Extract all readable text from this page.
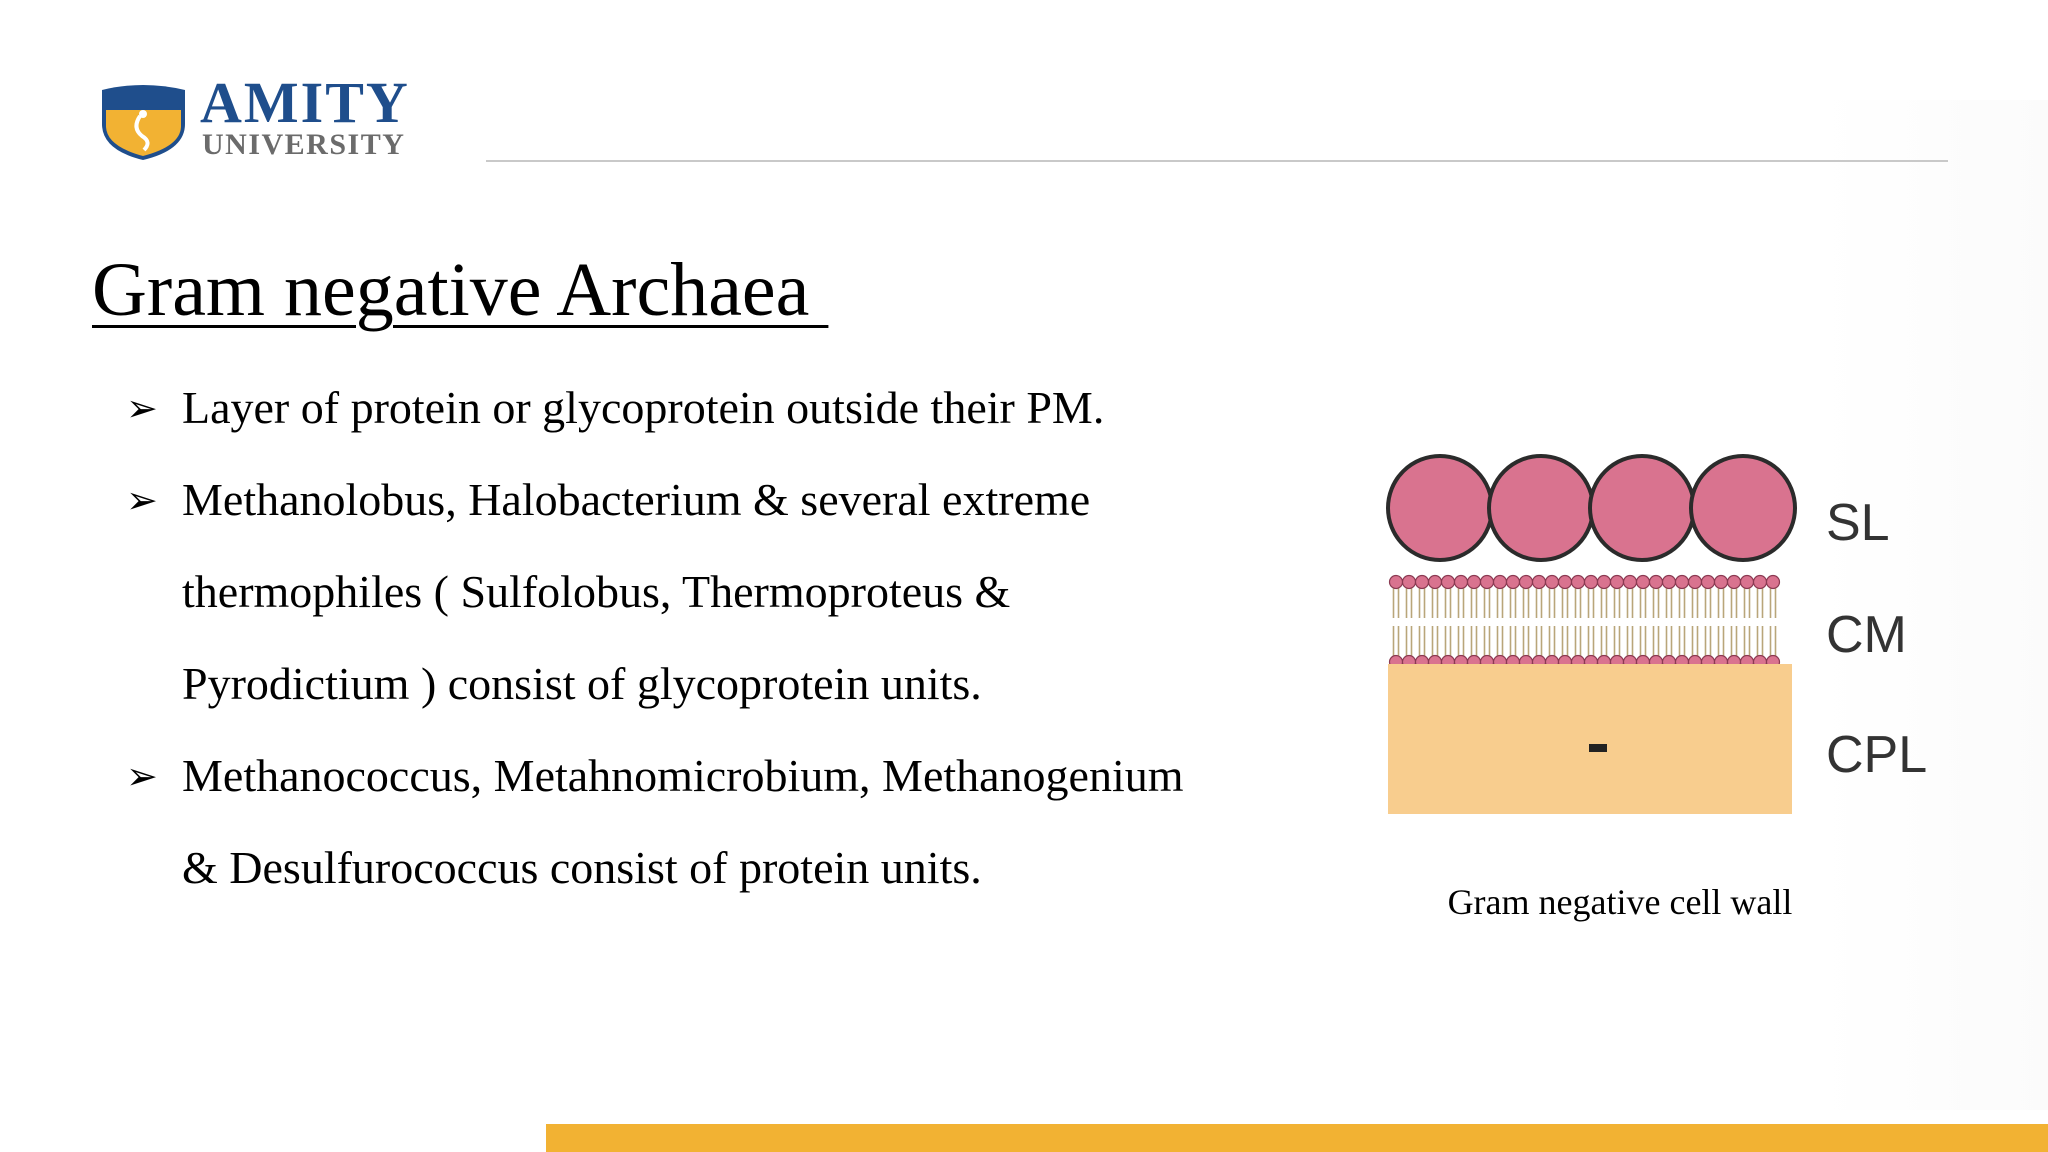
AMITY
UNIVERSITY
Gram negative Archaea
➢ Layer of protein or glycoprotein outside their PM.
➢ Methanolobus, Halobacterium & several extreme
thermophiles ( Sulfolobus, Thermoproteus &
Pyrodictium ) consist of glycoprotein units.
➢ Methanococcus, Metahnomicrobium, Methanogenium
& Desulfurococcus consist of protein units.
SL
CM
CPL
Gram negative cell wall
